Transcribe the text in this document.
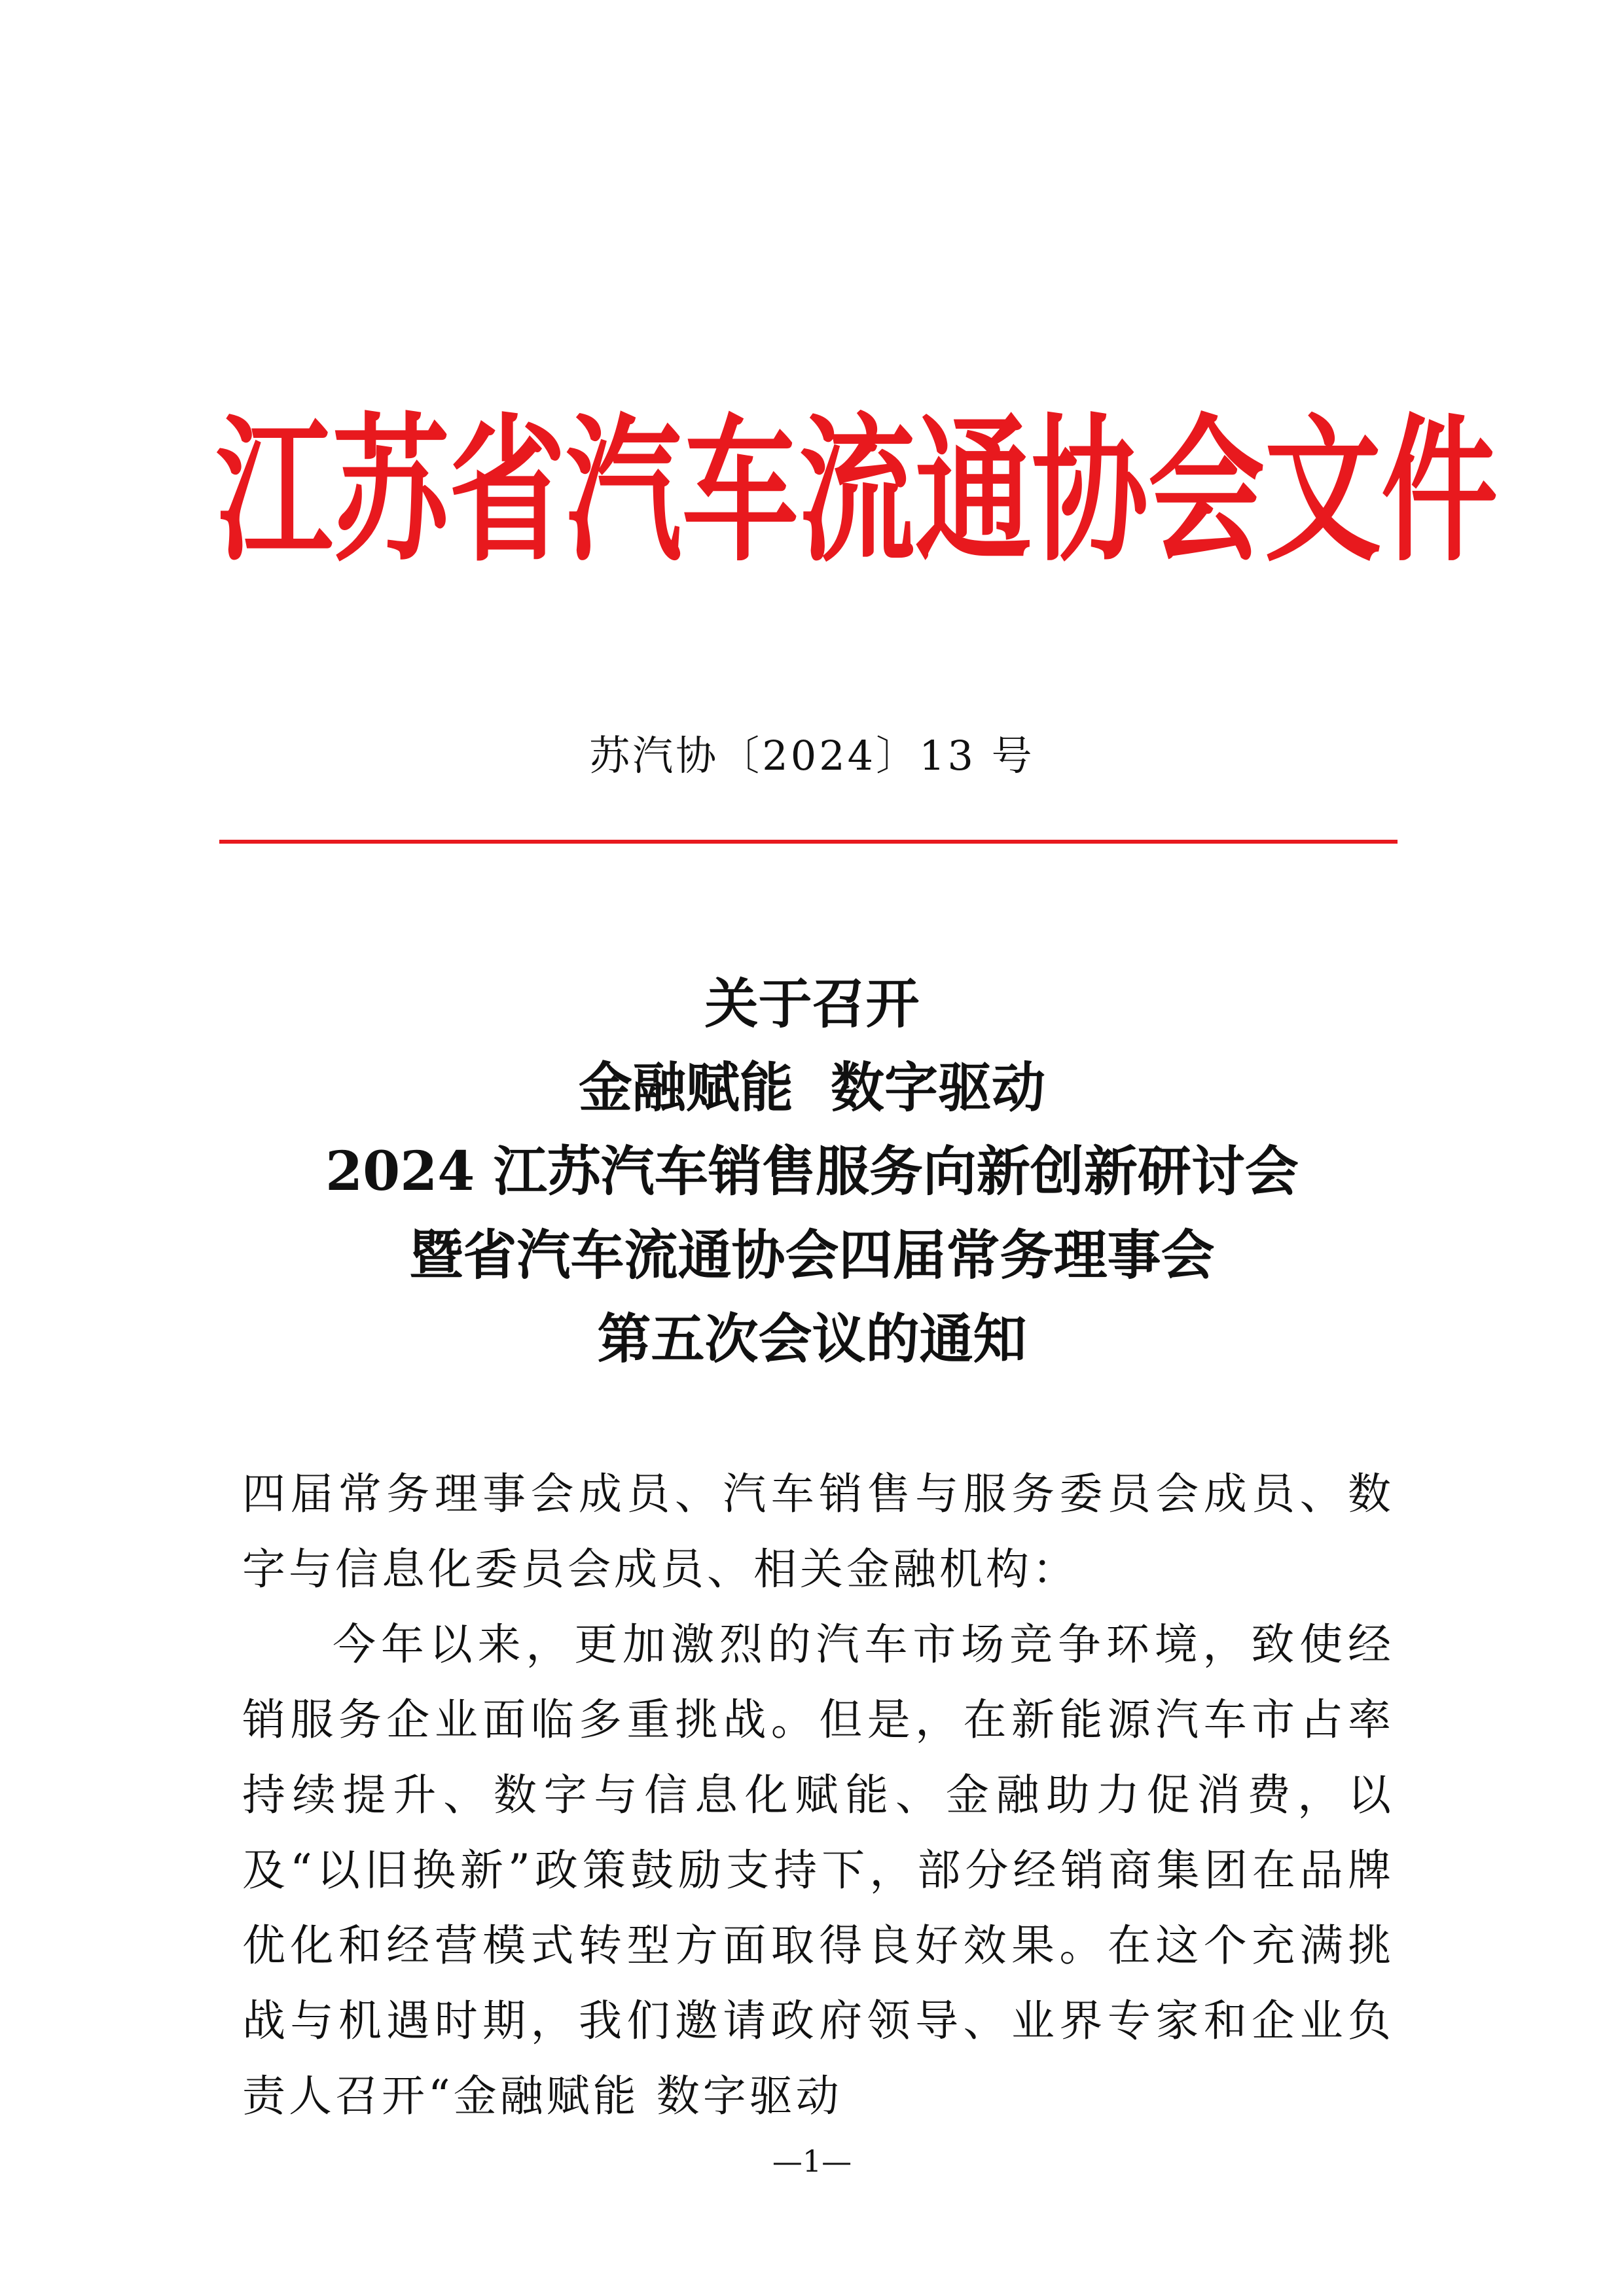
江苏省汽车流通协会文件
苏汽协〔2024〕13 号
关于召开
金融赋能  数字驱动
2024 江苏汽车销售服务向新创新研讨会
暨省汽车流通协会四届常务理事会
第五次会议的通知

四届常务理事会成员、汽车销售与服务委员会成员、数字与信息化委员会成员、相关金融机构：

今年以来，更加激烈的汽车市场竞争环境，致使经销服务企业面临多重挑战。但是，在新能源汽车市占率持续提升、数字与信息化赋能、金融助力促消费，以及“以旧换新”政策鼓励支持下，部分经销商集团在品牌优化和经营模式转型方面取得良好效果。在这个充满挑战与机遇时期，我们邀请政府领导、业界专家和企业负责人召开“金融赋能 数字驱动

—1—
